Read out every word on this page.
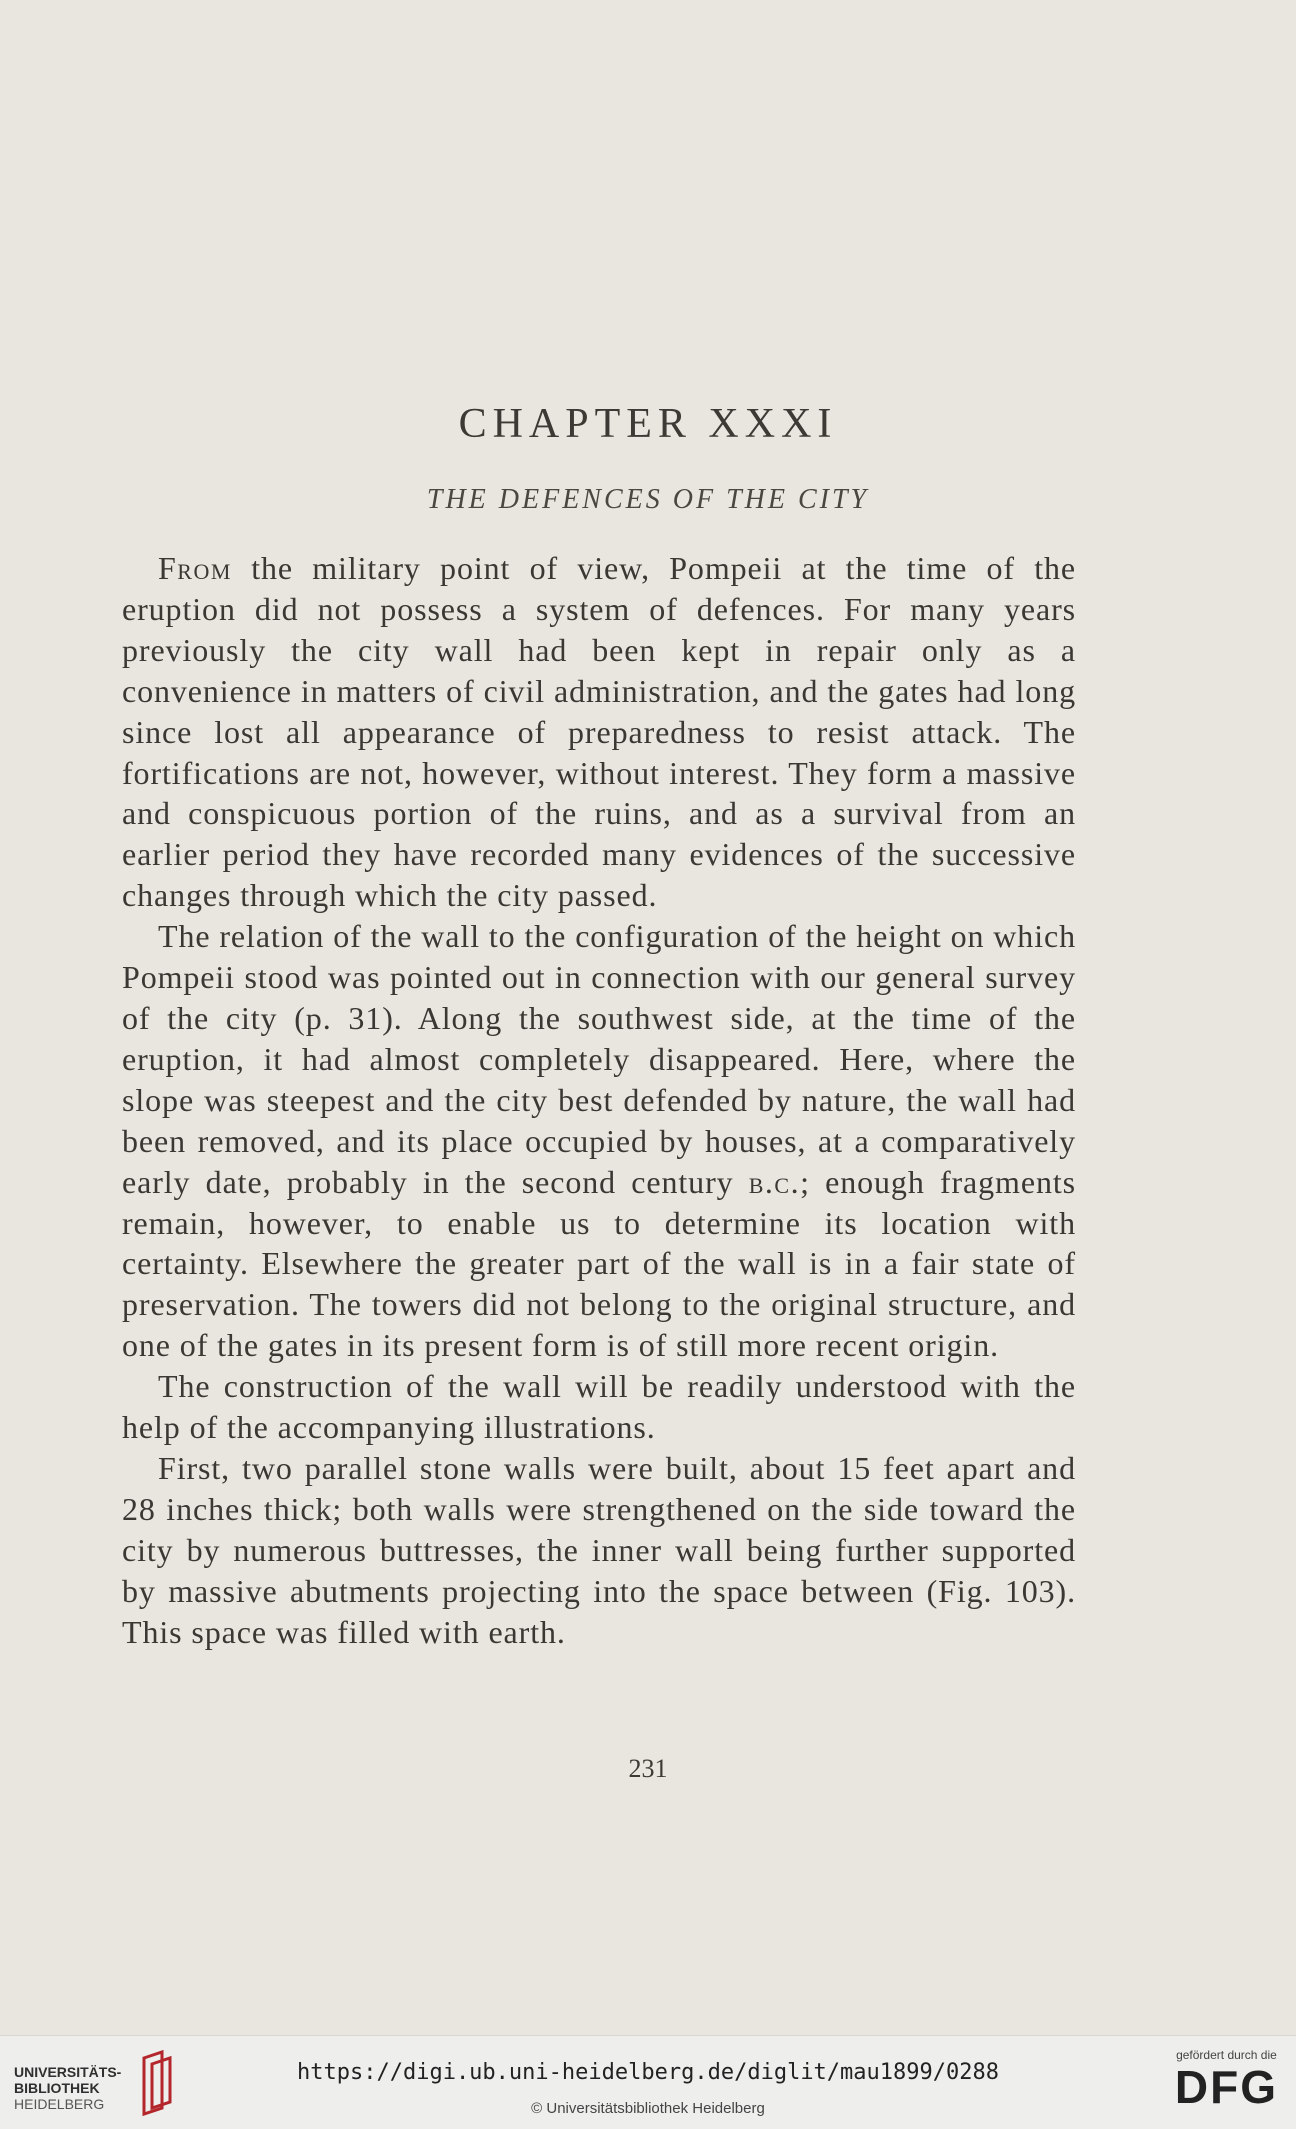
CHAPTER XXXI
THE DEFENCES OF THE CITY

From the military point of view, Pompeii at the time of the eruption did not possess a system of defences. For many years previously the city wall had been kept in repair only as a convenience in matters of civil administration, and the gates had long since lost all appearance of preparedness to resist attack. The fortifications are not, however, without interest. They form a massive and conspicuous portion of the ruins, and as a survival from an earlier period they have recorded many evidences of the successive changes through which the city passed.

The relation of the wall to the configuration of the height on which Pompeii stood was pointed out in connection with our general survey of the city (p. 31). Along the southwest side, at the time of the eruption, it had almost completely disappeared. Here, where the slope was steepest and the city best defended by nature, the wall had been removed, and its place occupied by houses, at a comparatively early date, probably in the second century b.c.; enough fragments remain, however, to enable us to determine its location with certainty. Elsewhere the greater part of the wall is in a fair state of preservation. The towers did not belong to the original structure, and one of the gates in its present form is of still more recent origin.

The construction of the wall will be readily understood with the help of the accompanying illustrations.

First, two parallel stone walls were built, about 15 feet apart and 28 inches thick; both walls were strengthened on the side toward the city by numerous buttresses, the inner wall being further supported by massive abutments projecting into the space between (Fig. 103). This space was filled with earth.

231
UNIVERSITÄTS-
BIBLIOTHEK
HEIDELBERG
https://digi.ub.uni-heidelberg.de/diglit/mau1899/0288
© Universitätsbibliothek Heidelberg
gefördert durch die
DFG
